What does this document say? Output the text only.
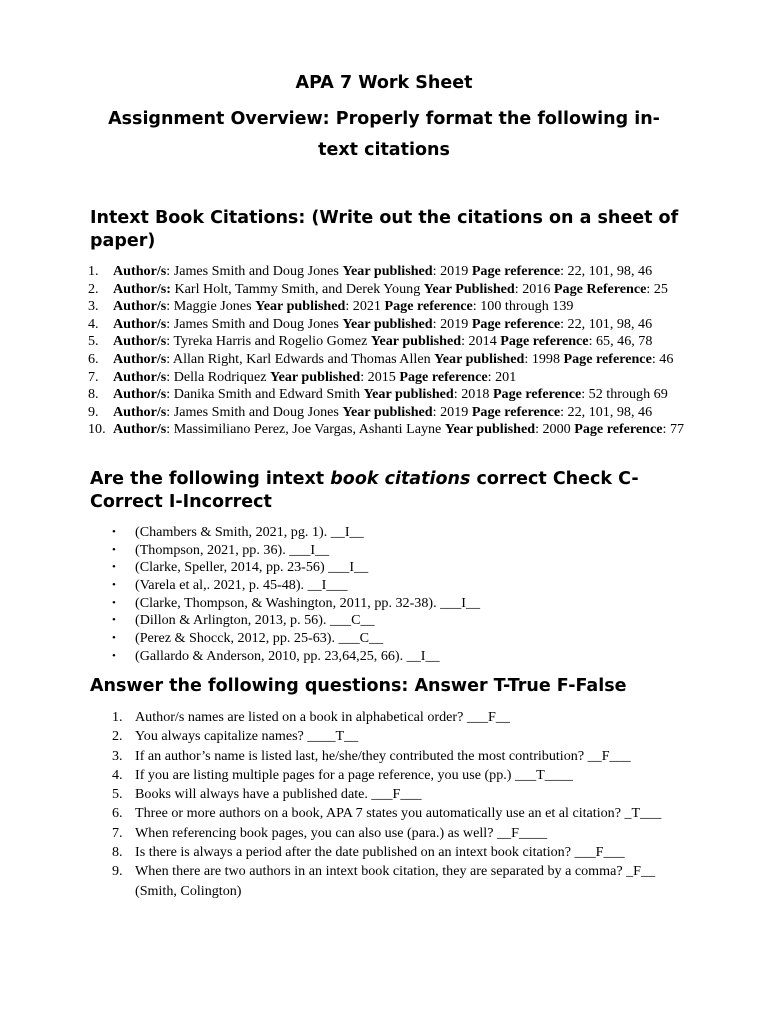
APA 7 Work Sheet

Assignment Overview: Properly format the following in-text citations

Intext Book Citations: (Write out the citations on a sheet of paper)
1. Author/s: James Smith and Doug Jones Year published: 2019 Page reference: 22, 101, 98, 46
2. Author/s: Karl Holt, Tammy Smith, and Derek Young Year Published: 2016 Page Reference: 25
3. Author/s: Maggie Jones Year published: 2021 Page reference: 100 through 139
4. Author/s: James Smith and Doug Jones Year published: 2019 Page reference: 22, 101, 98, 46
5. Author/s: Tyreka Harris and Rogelio Gomez Year published: 2014 Page reference: 65, 46, 78
6. Author/s: Allan Right, Karl Edwards and Thomas Allen Year published: 1998 Page reference: 46
7. Author/s: Della Rodriquez Year published: 2015 Page reference: 201
8. Author/s: Danika Smith and Edward Smith Year published: 2018 Page reference: 52 through 69
9. Author/s: James Smith and Doug Jones Year published: 2019 Page reference: 22, 101, 98, 46
10. Author/s: Massimiliano Perez, Joe Vargas, Ashanti Layne Year published: 2000 Page reference: 77
Are the following intext book citations correct Check C-Correct I-Incorrect
• (Chambers & Smith, 2021, pg. 1). __I__
• (Thompson, 2021, pp. 36). ___I__
• (Clarke, Speller, 2014, pp. 23-56) ___I__
• (Varela et al,. 2021, p. 45-48). __I___
• (Clarke, Thompson, & Washington, 2011, pp. 32-38). ___I__
• (Dillon & Arlington, 2013, p. 56). ___C__
• (Perez & Shocck, 2012, pp. 25-63). ___C__
• (Gallardo & Anderson, 2010, pp. 23,64,25, 66). __I__
Answer the following questions: Answer T-True F-False
1. Author/s names are listed on a book in alphabetical order? ___F__
2. You always capitalize names? ____T__
3. If an author’s name is listed last, he/she/they contributed the most contribution? __F___
4. If you are listing multiple pages for a page reference, you use (pp.) ___T____
5. Books will always have a published date. ___F___
6. Three or more authors on a book, APA 7 states you automatically use an et al citation? _T___
7. When referencing book pages, you can also use (para.) as well? __F____
8. Is there is always a period after the date published on an intext book citation? ___F___
9. When there are two authors in an intext book citation, they are separated by a comma? _F__ (Smith, Colington)
